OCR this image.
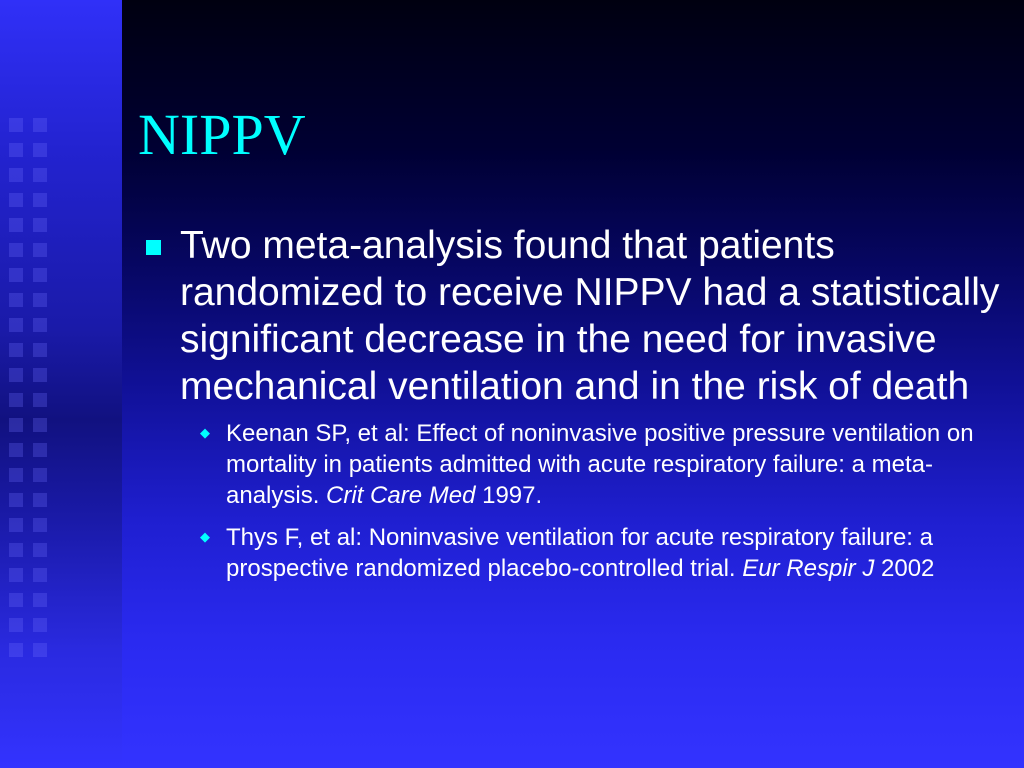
NIPPV
Two meta-analysis found that patients randomized to receive NIPPV had a statistically significant decrease in the need for invasive mechanical ventilation and in the risk of death
◆ Keenan SP, et al: Effect of noninvasive positive pressure ventilation on mortality in patients admitted with acute respiratory failure: a meta-analysis. Crit Care Med 1997.
◆ Thys F, et al: Noninvasive ventilation for acute respiratory failure: a prospective randomized placebo-controlled trial. Eur Respir J 2002
